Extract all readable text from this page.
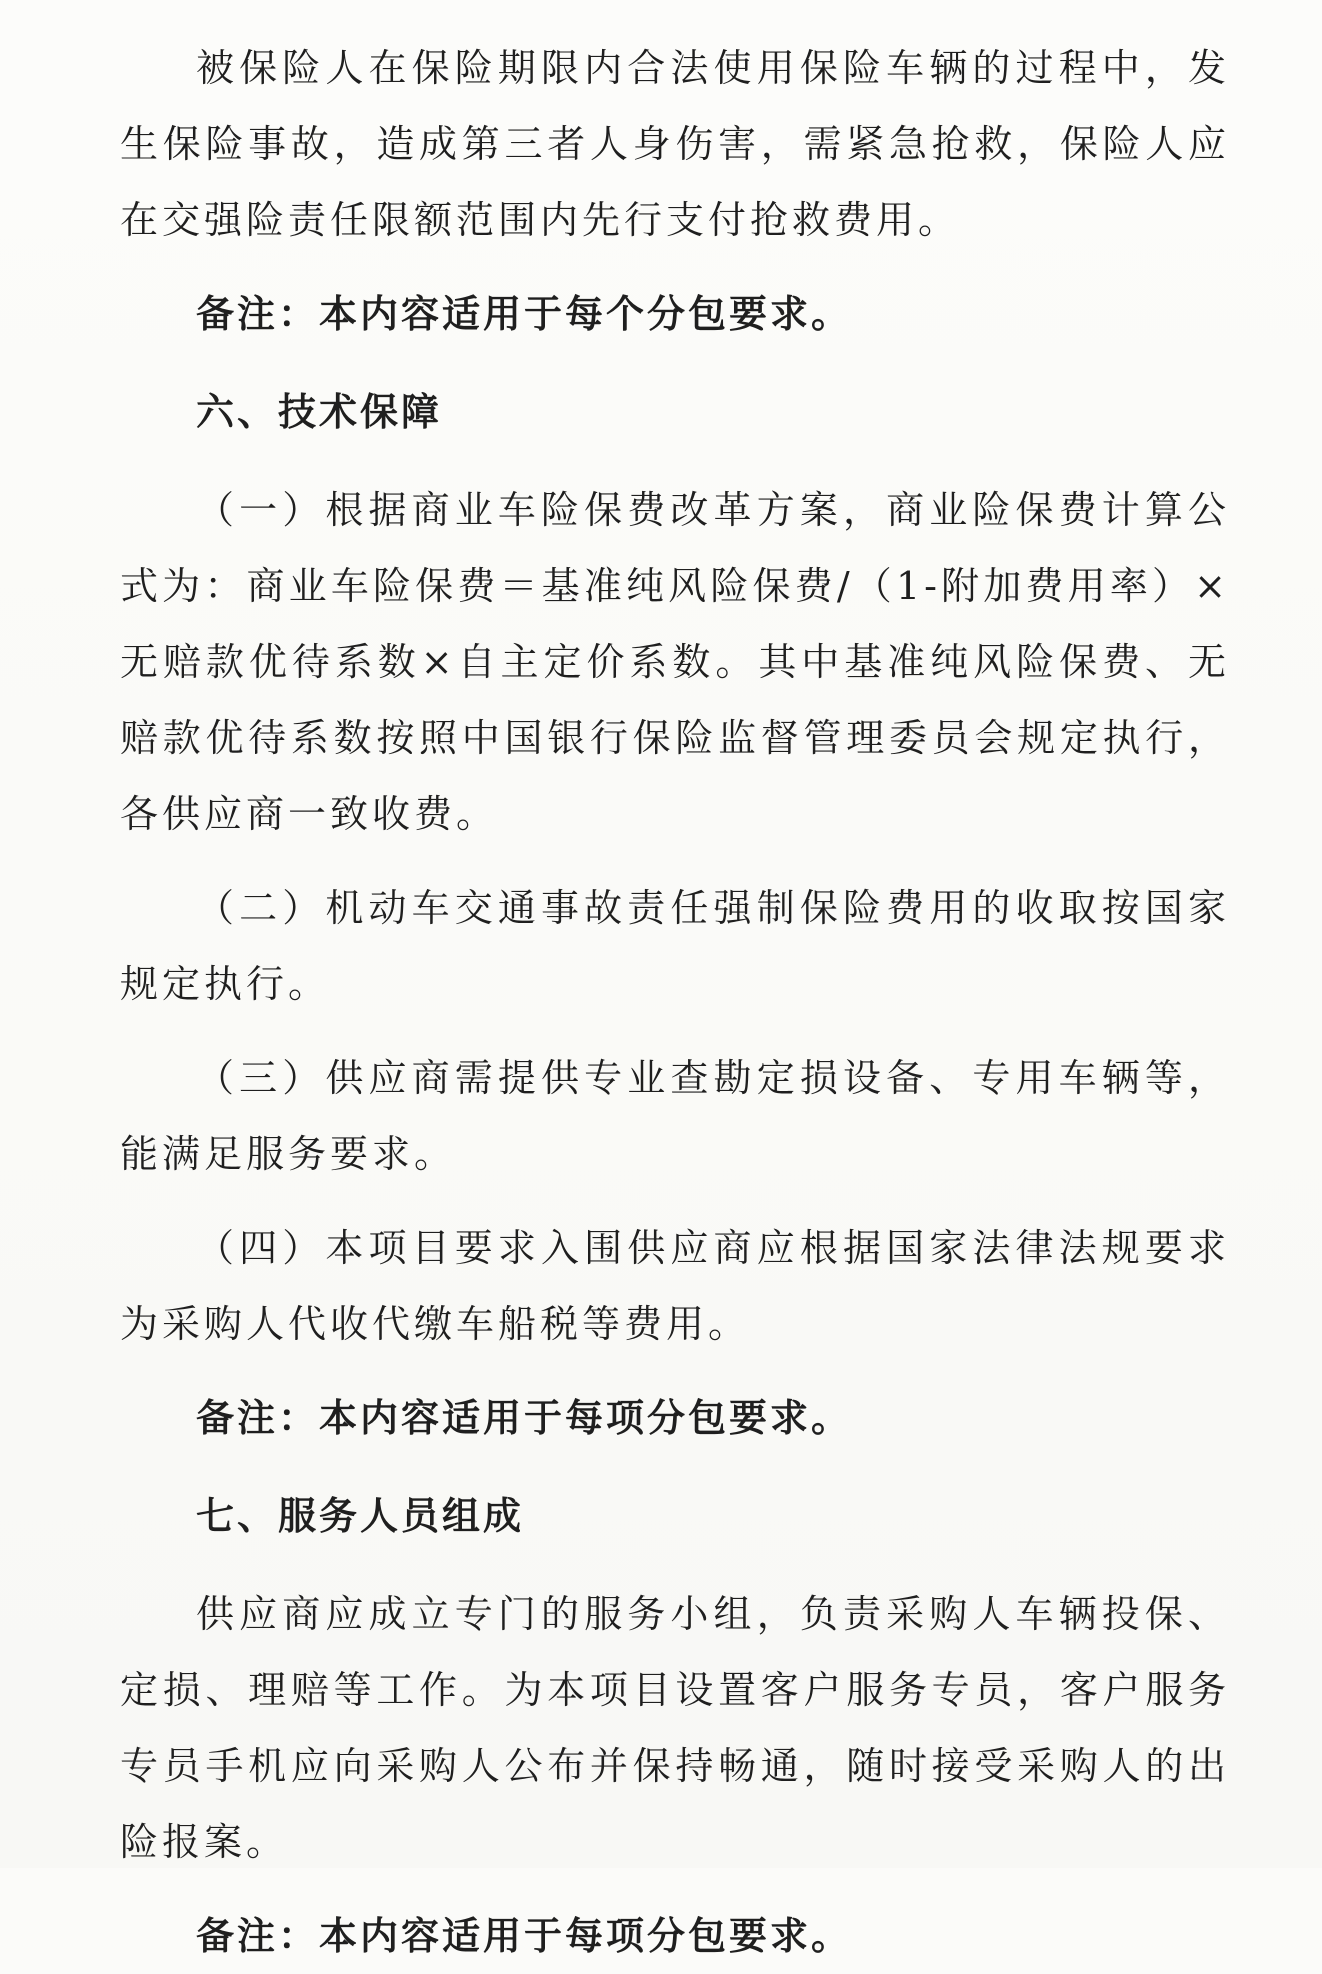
被保险人在保险期限内合法使用保险车辆的过程中，发生保险事故，造成第三者人身伤害，需紧急抢救，保险人应在交强险责任限额范围内先行支付抢救费用。

备注：本内容适用于每个分包要求。

六、技术保障

（一）根据商业车险保费改革方案，商业险保费计算公式为：商业车险保费＝基准纯风险保费/（1-附加费用率）×无赔款优待系数×自主定价系数。其中基准纯风险保费、无赔款优待系数按照中国银行保险监督管理委员会规定执行，各供应商一致收费。

（二）机动车交通事故责任强制保险费用的收取按国家规定执行。

（三）供应商需提供专业查勘定损设备、专用车辆等，能满足服务要求。

（四）本项目要求入围供应商应根据国家法律法规要求为采购人代收代缴车船税等费用。

备注：本内容适用于每项分包要求。

七、服务人员组成

供应商应成立专门的服务小组，负责采购人车辆投保、定损、理赔等工作。为本项目设置客户服务专员，客户服务专员手机应向采购人公布并保持畅通，随时接受采购人的出险报案。

备注：本内容适用于每项分包要求。
